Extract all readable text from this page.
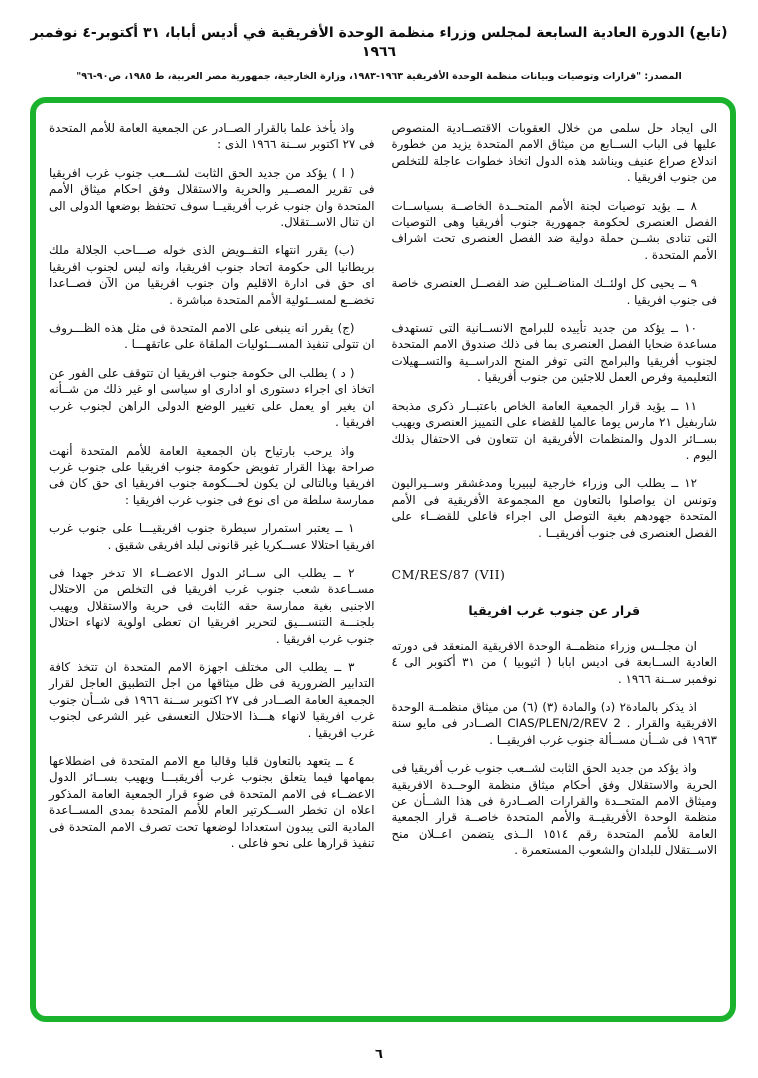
(تابع) الدورة العادية السابعة لمجلس وزراء منظمة الوحدة الأفريقية في أديس أبابا، ٣١ أكتوبر-٤ نوفمبر ١٩٦٦
المصدر: "قرارات وتوصيات وبيانات منظمة الوحدة الأفريقية ١٩٦٣-١٩٨٣، وزارة الخارجية، جمهورية مصر العربية، ط ١٩٨٥، ص٩٠-٩٦"

الى ايجاد حل سلمى من خلال العقوبات الاقتصــادية المنصوص عليها فى الباب الســابع من ميثاق الامم المتحدة يزيد من خطورة اندلاع صراع عنيف ويناشد هذه الدول اتخاذ خطوات عاجلة للتخلص من جنوب افريقيا .

٨ ــ يؤيد توصيات لجنة الأمم المتحــدة الخاصــة بسياســات الفصل العنصرى لحكومة جمهورية جنوب أفريقيا وهى التوصيات التى تنادى بشــن حملة دولية ضد الفصل العنصرى تحت اشراف الأمم المتحدة .

٩ ــ يحيى كل اولئــك المناضــلين ضد الفصــل العنصرى خاصة فى جنوب افريقيا .

١٠ ــ يؤكد من جديد تأييده للبرامج الانســانية التى تستهدف مساعدة ضحايا الفصل العنصرى بما فى ذلك صندوق الامم المتحدة لجنوب أفريقيا والبرامج التى توفر المنح الدراســية والتســهيلات التعليمية وفرص العمل للاجئين من جنوب أفريقيا .

١١ ــ يؤيد قرار الجمعية العامة الخاص باعتبــار ذكرى مذبحة شاربفيل ٢١ مارس يوما عالميا للقضاء على التمييز العنصرى ويهيب بســائر الدول والمنظمات الأفريقية ان تتعاون فى الاحتفال بذلك اليوم .

١٢ ــ يطلب الى وزراء خارجية ليبيريا ومدغشقر وســيراليون وتونس ان يواصلوا بالتعاون مع المجموعة الأفريقية فى الأمم المتحدة جهودهم بغية التوصل الى اجراء فاعلى للقضــاء على الفصل العنصرى فى جنوب أفريقيــا .

CM/RES/87 (VII)
قرار عن جنوب غرب افريقيا

ان مجلــس وزراء منظمــة الوحدة الافريقية المنعقد فى دورته العادية الســابعة فى اديس ابابا ( اثيوبيا ) من ٣١ أكتوبر الى ٤ نوفمبر ســنة ١٩٦٦ .

اذ يذكر بالمادة٢ (د) والمادة (٣) (٦) من ميثاق منظمــة الوحدة الافريقية والقرار . CIAS/PLEN/2/REV 2 الصــادر فى مايو سنة ١٩٦٣ فى شــأن مســألة جنوب غرب افريقيــا .

واذ يؤكد من جديد الحق الثابت لشــعب جنوب غرب أفريقيا فى الحرية والاستقلال وفق أحكام ميثاق منظمة الوحــدة الافريقية وميثاق الامم المتحــدة والقرارات الصــادرة فى هذا الشــأن عن منظمة الوحدة الأفريقيــة والأمم المتحدة خاصــة قرار الجمعية العامة للأمم المتحدة رقم ١٥١٤ الــذى يتضمن اعــلان منح الاســتقلال للبلدان والشعوب المستعمرة .

واذ يأخذ علما بالقرار الصــادر عن الجمعية العامة للأمم المتحدة فى ٢٧ اكتوبر ســنة ١٩٦٦ الذى :

( ا ) يؤكد من جديد الحق الثابت لشـــعب جنوب غرب افريقيا فى تقرير المصــير والحرية والاستقلال وفق احكام ميثاق الأمم المتحدة وان جنوب غرب أفريقيــا سوف تحتفظ بوضعها الدولى الى ان تنال الاســتقلال.

(ب) يقرر انتهاء التفــويض الذى خوله صـــاحب الجلالة ملك بريطانيا الى حكومة اتحاد جنوب افريقيا، وانه ليس لجنوب افريقيا اى حق فى ادارة الاقليم وان جنوب افريقيا من الآن فصــاعدا تخضــع لمســئولية الأمم المتحدة مباشرة .

(ج) يقرر انه ينبغى على الامم المتحدة فى مثل هذه الظـــروف ان تتولى تنفيذ المســـئوليات الملقاة على عاتقهـــا .

( د ) يطلب الى حكومة جنوب افريقيا ان تتوقف على الفور عن اتخاذ اى اجراء دستورى او ادارى او سياسى او غير ذلك من شــأنه ان يغير او يعمل على تغيير الوضع الدولى الراهن لجنوب غرب افريقيا .

واذ يرحب بارتياح بان الجمعية العامة للأمم المتحدة أنهت صراحة بهذا القرار تفويض حكومة جنوب افريقيا على جنوب غرب افريقيا وبالتالى لن يكون لحـــكومة جنوب افريقيا اى حق كان فى ممارسة سلطة من اى نوع فى جنوب غرب افريقيا :

١ ــ يعتبر استمرار سيطرة جنوب افريقيـــا على جنوب غرب افريقيا احتلالا عســكريا غير قانونى لبلد افريقى شقيق .

٢ ــ يطلب الى ســائر الدول الاعضــاء الا تدخر جهدا فى مســاعدة شعب جنوب غرب افريقيا فى التخلص من الاحتلال الاجنبى بغية ممارسة حقه الثابت فى حرية والاستقلال ويهيب بلجنـــة التنســـيق لتحرير افريقيا ان تعطى اولوية لانهاء احتلال جنوب غرب افريقيا .

٣ ــ يطلب الى مختلف اجهزة الامم المتحدة ان تتخذ كافة التدابير الضرورية فى ظل ميثاقها من اجل التطبيق العاجل لقرار الجمعية العامة الصــادر فى ٢٧ اكتوبر ســنة ١٩٦٦ فى شــأن جنوب غرب افريقيا لانهاء هـــذا الاحتلال التعسفى غير الشرعى لجنوب غرب افريقيا .

٤ ــ يتعهد بالتعاون قلبا وقالبا مع الامم المتحدة فى اضطلاعها بمهامها فيما يتعلق بجنوب غرب أفريقبـــا ويهيب بســائر الدول الاعضــاء فى الامم المتحدة فى ضوء قرار الجمعية العامة المذكور اعلاه ان تخطر الســكرتير العام للأمم المتحدة بمدى المســاعدة المادية التى يبدون استعدادا لوضعها تحت تصرف الامم المتحدة فى تنفيذ قرارها على نحو فاعلى .

٦
